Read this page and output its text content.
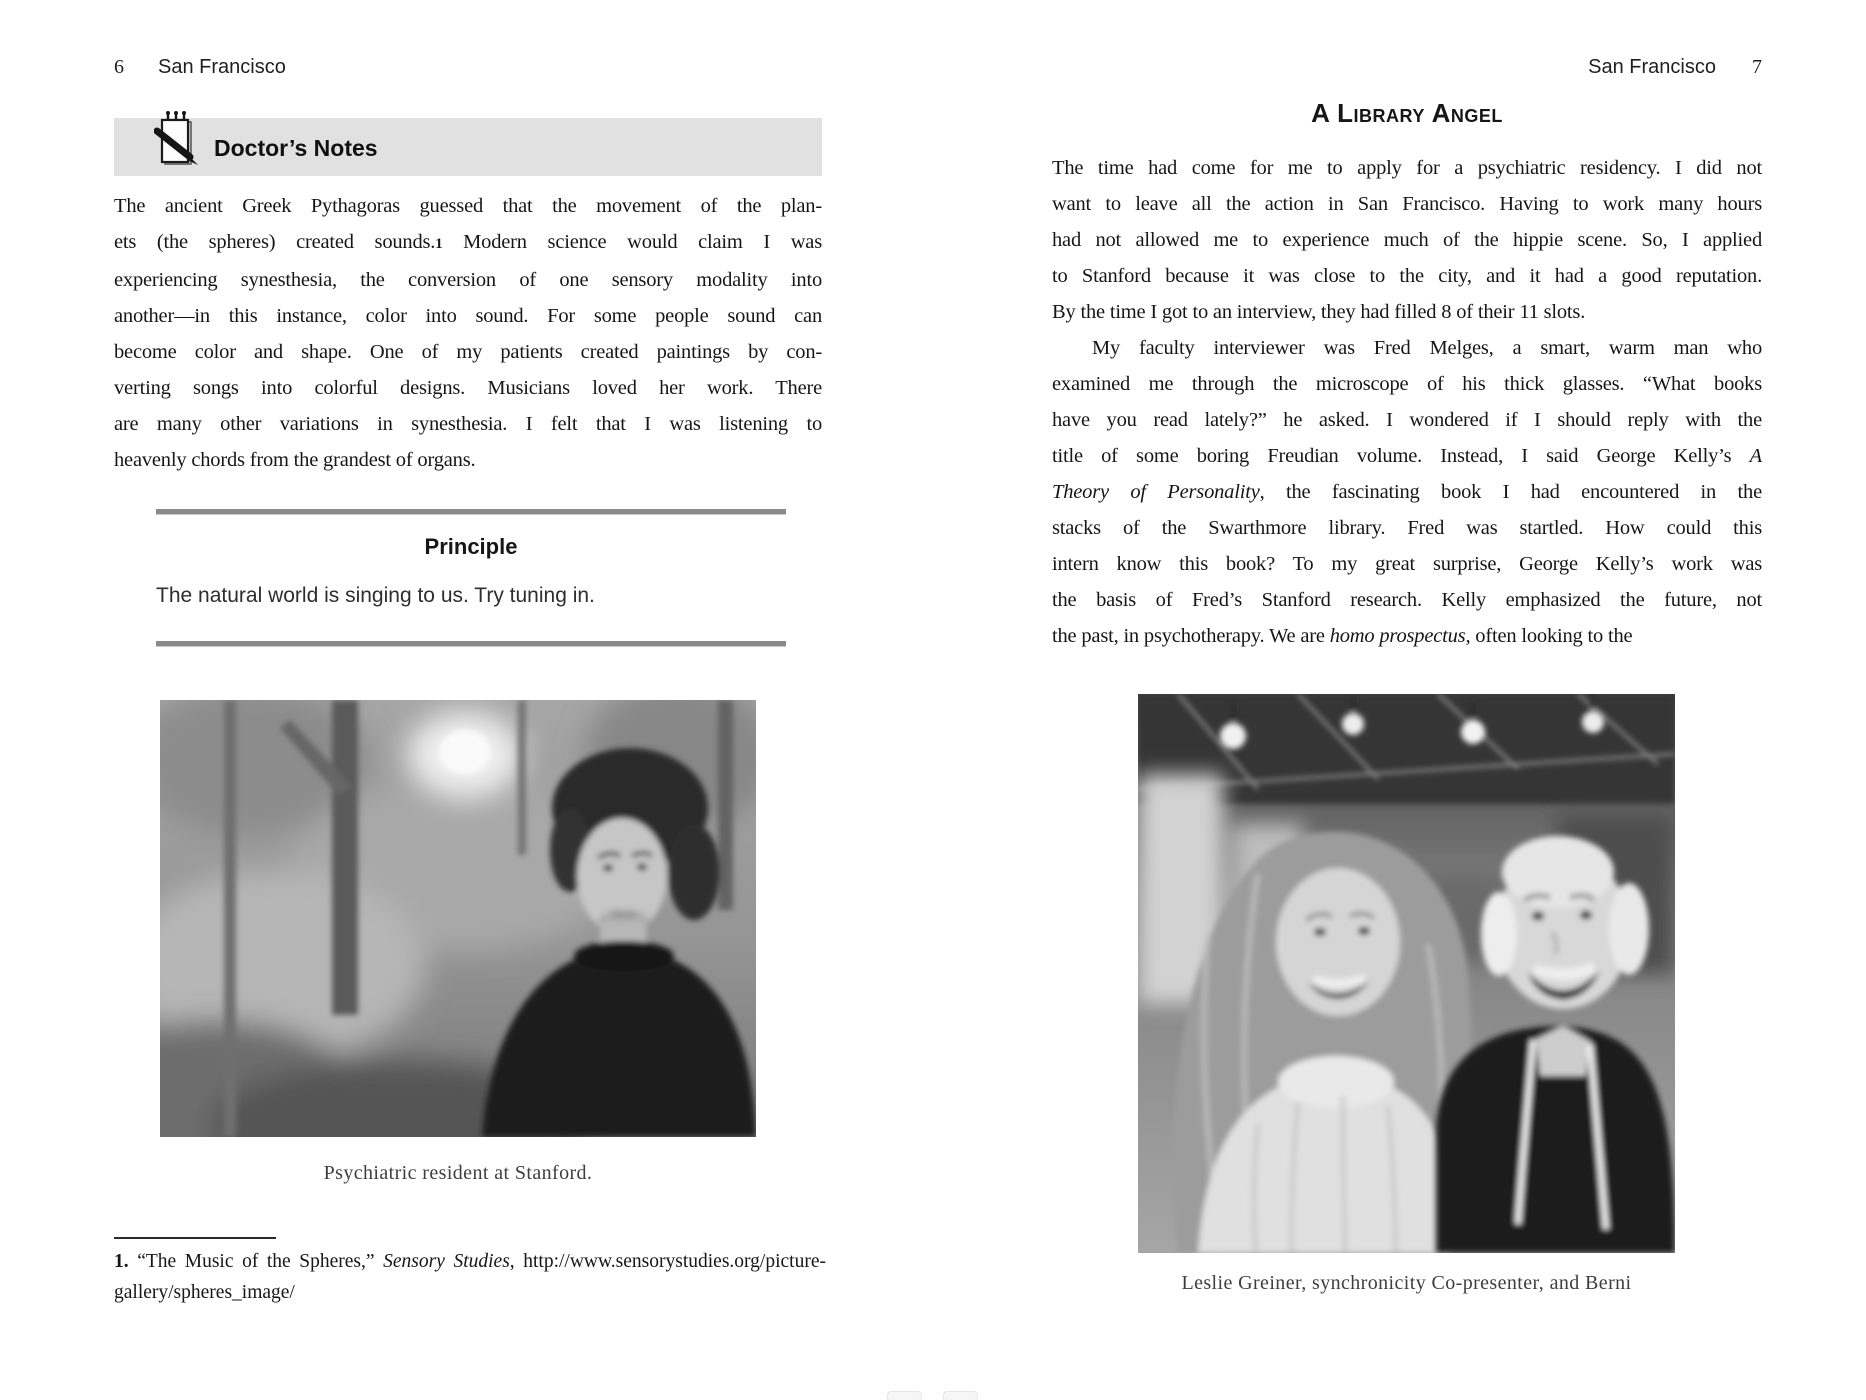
6 San Francisco
Doctor’s Notes
The ancient Greek Pythagoras guessed that the movement of the plan-
ets (the spheres) created sounds.1 Modern science would claim I was
experiencing synesthesia, the conversion of one sensory modality into
another—in this instance, color into sound. For some people sound can
become color and shape. One of my patients created paintings by con-
verting songs into colorful designs. Musicians loved her work. There
are many other variations in synesthesia. I felt that I was listening to
heavenly chords from the grandest of organs.
Principle

The natural world is singing to us. Try tuning in.

Psychiatric resident at Stanford.
1. “The Music of the Spheres,” Sensory Studies, http://www.sensorystudies.org/picture-
gallery/spheres_image/
San Francisco 7
A Library Angel
The time had come for me to apply for a psychiatric residency. I did not
want to leave all the action in San Francisco. Having to work many hours
had not allowed me to experience much of the hippie scene. So, I applied
to Stanford because it was close to the city, and it had a good reputation.
By the time I got to an interview, they had filled 8 of their 11 slots.
My faculty interviewer was Fred Melges, a smart, warm man who
examined me through the microscope of his thick glasses. “What books
have you read lately?” he asked. I wondered if I should reply with the
title of some boring Freudian volume. Instead, I said George Kelly’s A
Theory of Personality, the fascinating book I had encountered in the
stacks of the Swarthmore library. Fred was startled. How could this
intern know this book? To my great surprise, George Kelly’s work was
the basis of Fred’s Stanford research. Kelly emphasized the future, not
the past, in psychotherapy. We are homo prospectus, often looking to the
Leslie Greiner, synchronicity Co-presenter, and Berni
